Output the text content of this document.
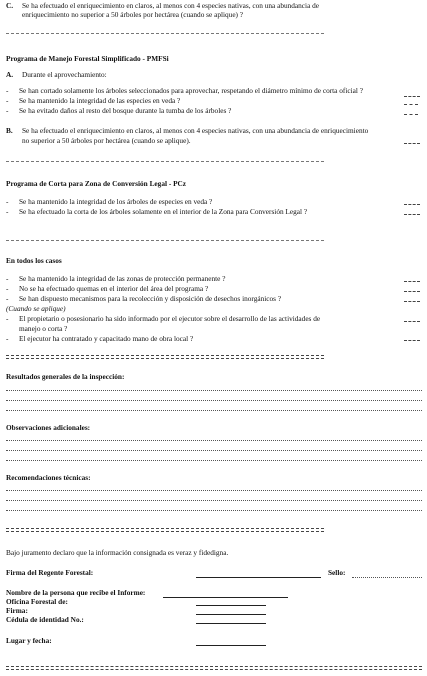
C. Se ha efectuado el enriquecimiento en claros, al menos con 4 especies nativas, con una abundancia de
enriquecimiento no superior a 50 árboles por hectárea (cuando se aplique) ?
Programa de Manejo Forestal Simplificado - PMFSi
A. Durante el aprovechamiento:
- Se han cortado solamente los árboles seleccionados para aprovechar, respetando el diámetro mínimo de corta oficial ?
- Se ha mantenido la integridad de las especies en veda ?
- Se ha evitado daños al resto del bosque durante la tumba de los árboles ?
B. Se ha efectuado el enriquecimiento en claros, al menos con 4 especies nativas, con una abundancia de enriquecimiento
no superior a 50 árboles por hectárea (cuando se aplique).
Programa de Corta para Zona de Conversión Legal - PCz
- Se ha mantenido la integridad de los árboles de especies en veda ?
- Se ha efectuado la corta de los árboles solamente en el interior de la Zona para Conversión Legal ?
En todos los casos
- Se ha mantenido la integridad de las zonas de protección permanente ?
- No se ha efectuado quemas en el interior del área del programa ?
- Se han dispuesto mecanismos para la recolección y disposición de desechos inorgánicos ?
(Cuando se aplique)
- El propietario o posesionario ha sido informado por el ejecutor sobre el desarrollo de las actividades de
manejo o corta ?
- El ejecutor ha contratado y capacitado mano de obra local ?
Resultados generales de la inspección:
Observaciones adicionales:
Recomendaciones técnicas:
Bajo juramento declaro que la información consignada es veraz y fidedigna.
Firma del Regente Forestal:	Sello:
Nombre de la persona que recibe el Informe:
Oficina Forestal de:
Firma:
Cédula de identidad No.:
Lugar y fecha:
